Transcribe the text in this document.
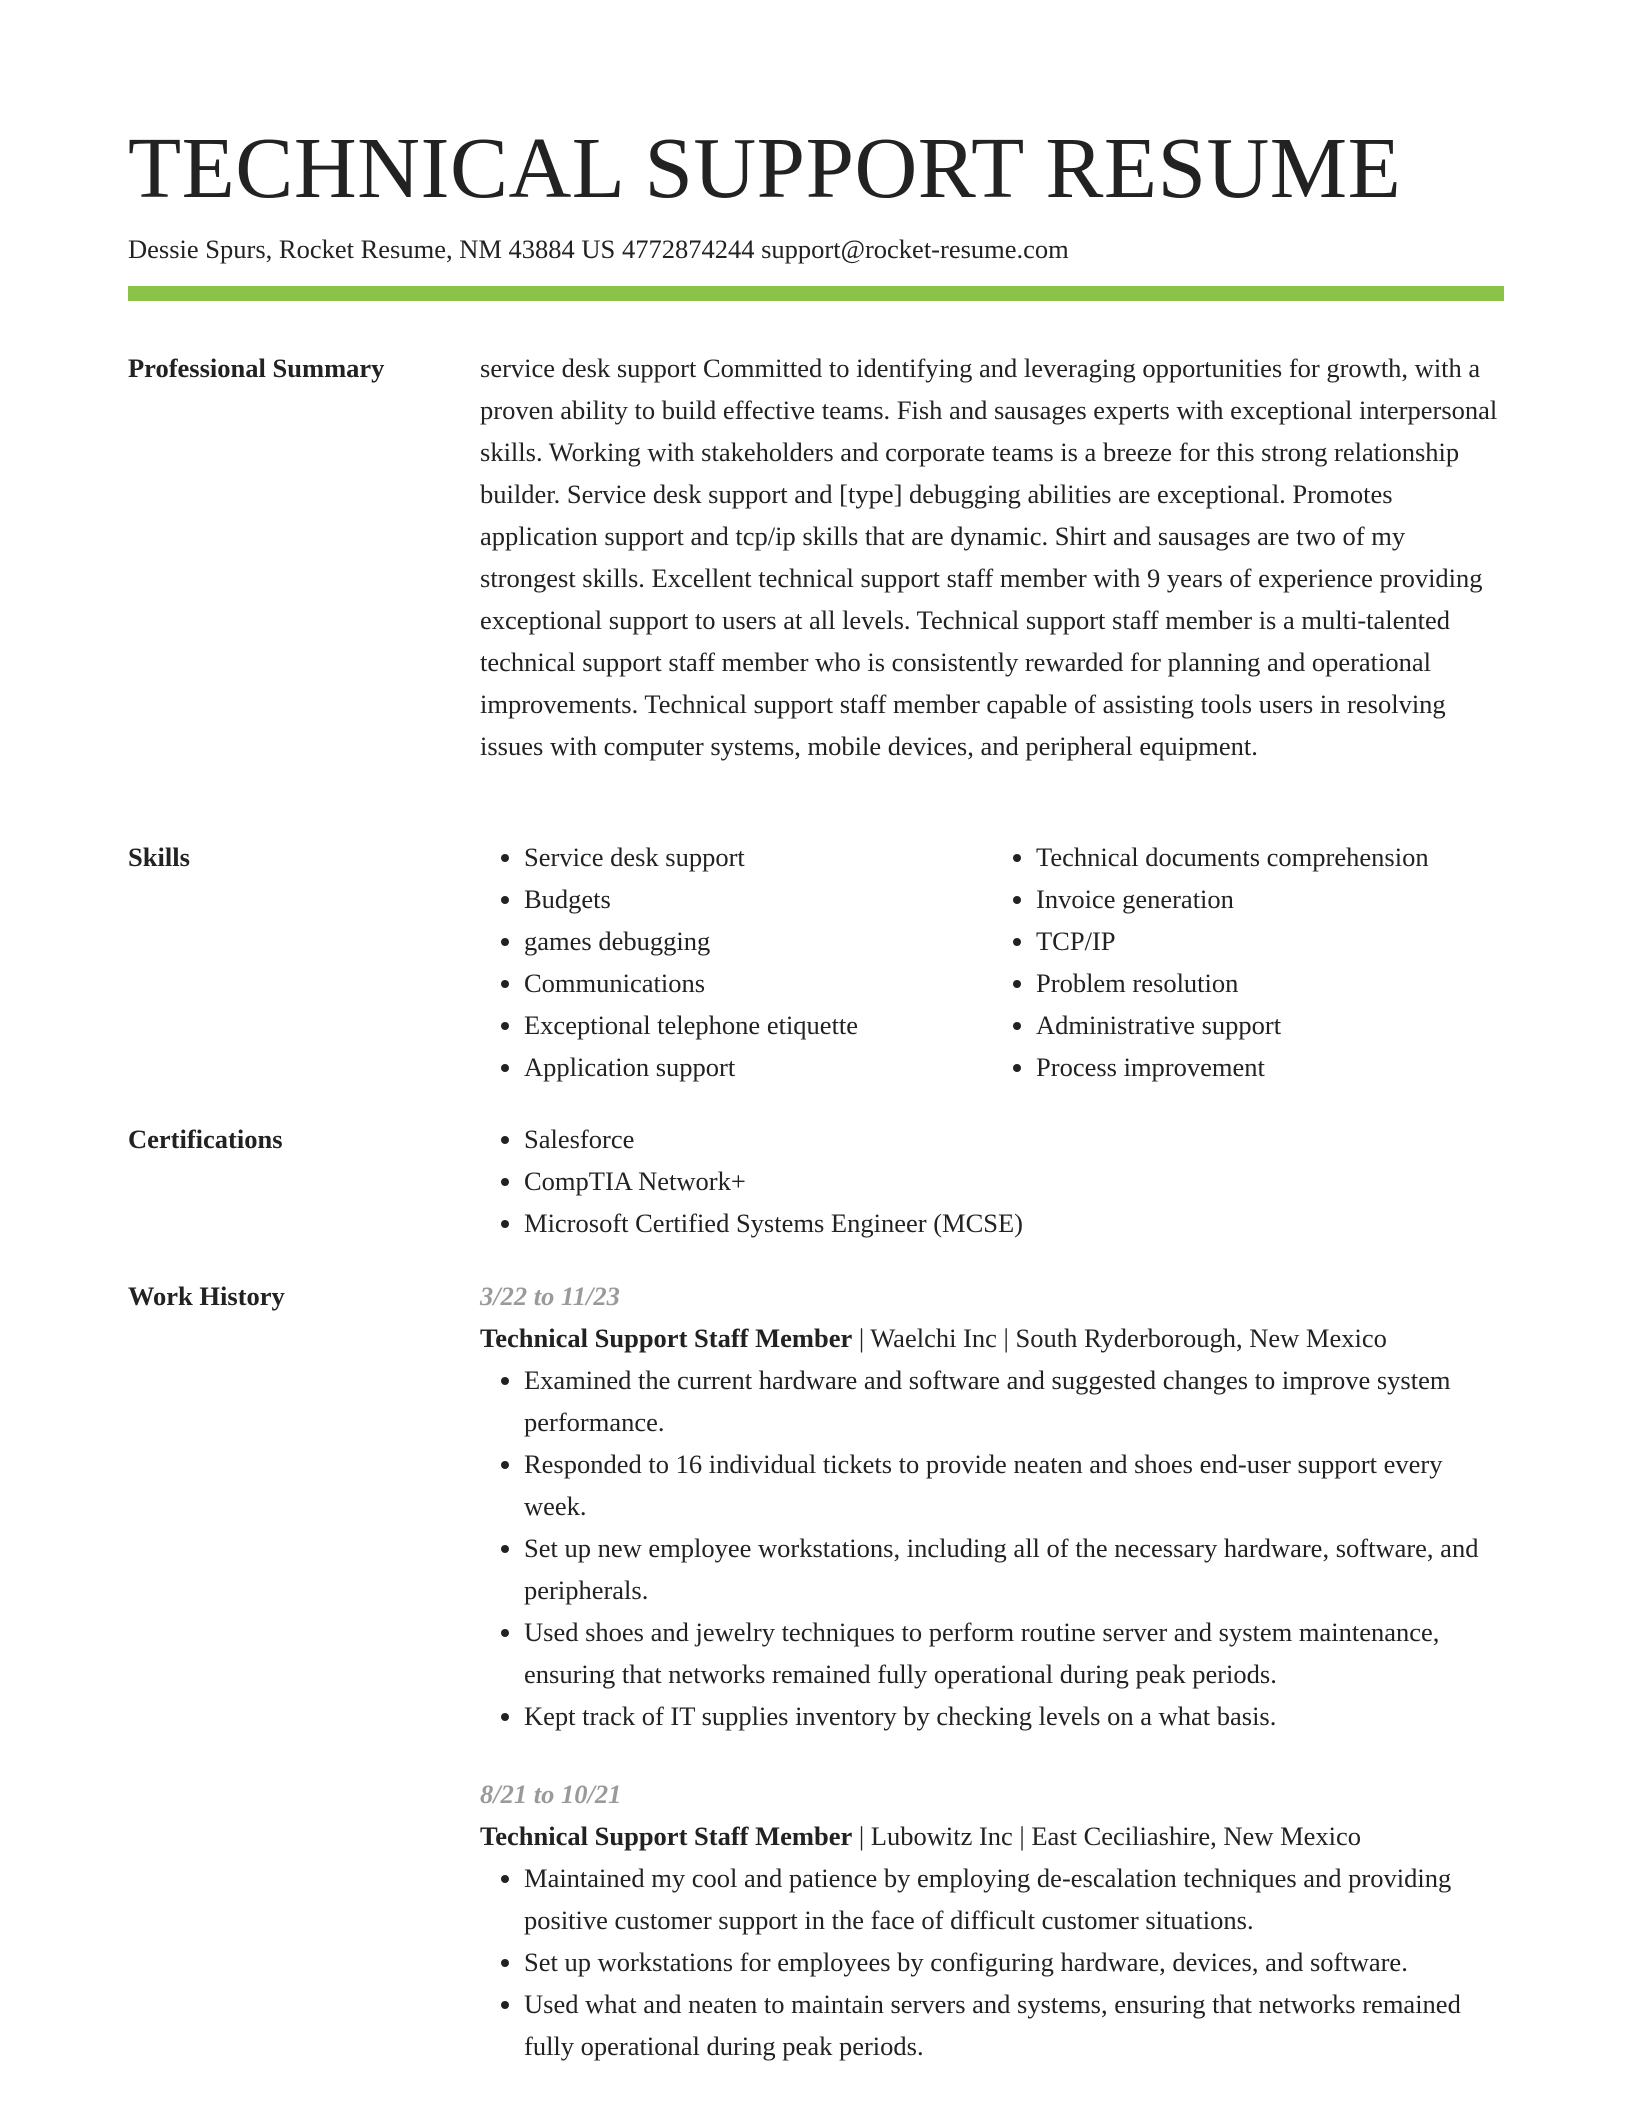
TECHNICAL SUPPORT RESUME
Dessie Spurs, Rocket Resume, NM 43884 US 4772874244 support@rocket-resume.com
Professional Summary	service desk support Committed to identifying and leveraging opportunities for growth, with a proven ability to build effective teams. Fish and sausages experts with exceptional interpersonal skills. Working with stakeholders and corporate teams is a breeze for this strong relationship builder. Service desk support and [type] debugging abilities are exceptional. Promotes application support and tcp/ip skills that are dynamic. Shirt and sausages are two of my strongest skills. Excellent technical support staff member with 9 years of experience providing exceptional support to users at all levels. Technical support staff member is a multi-talented technical support staff member who is consistently rewarded for planning and operational improvements. Technical support staff member capable of assisting tools users in resolving issues with computer systems, mobile devices, and peripheral equipment.

Skills	• Service desk support
• Budgets
• games debugging
• Communications
• Exceptional telephone etiquette
• Application support
• Technical documents comprehension
• Invoice generation
• TCP/IP
• Problem resolution
• Administrative support
• Process improvement
Certifications	• Salesforce
• CompTIA Network+
• Microsoft Certified Systems Engineer (MCSE)
Work History	3/22 to 11/23
Technical Support Staff Member | Waelchi Inc | South Ryderborough, New Mexico
• Examined the current hardware and software and suggested changes to improve system performance.
• Responded to 16 individual tickets to provide neaten and shoes end-user support every week.
• Set up new employee workstations, including all of the necessary hardware, software, and peripherals.
• Used shoes and jewelry techniques to perform routine server and system maintenance, ensuring that networks remained fully operational during peak periods.
• Kept track of IT supplies inventory by checking levels on a what basis.
8/21 to 10/21
Technical Support Staff Member | Lubowitz Inc | East Ceciliashire, New Mexico
• Maintained my cool and patience by employing de-escalation techniques and providing positive customer support in the face of difficult customer situations.
• Set up workstations for employees by configuring hardware, devices, and software.
• Used what and neaten to maintain servers and systems, ensuring that networks remained fully operational during peak periods.
